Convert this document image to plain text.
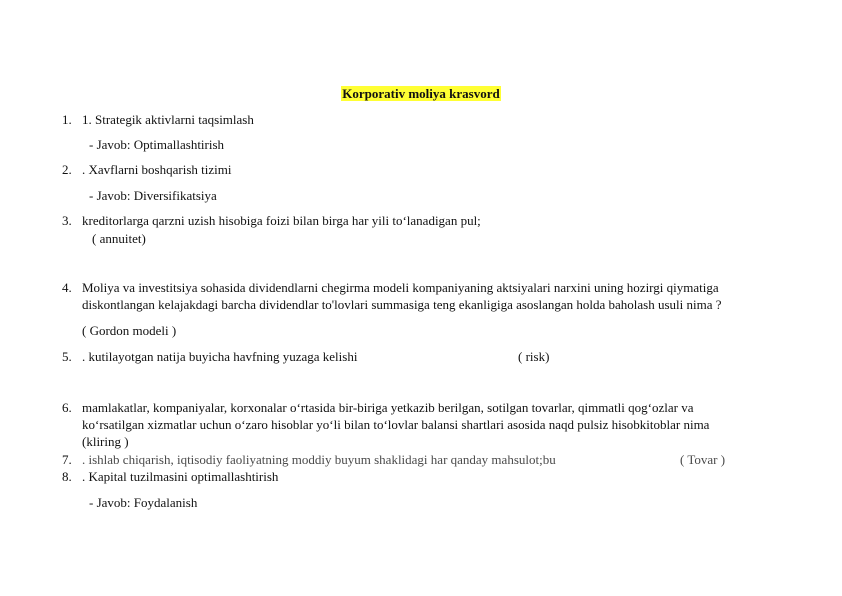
Korporativ moliya krasvord
1. 1. Strategik aktivlarni taqsimlash
- Javob: Optimallashtirish
2. . Xavflarni boshqarish tizimi
- Javob: Diversifikatsiya
3. kreditorlarga qarzni uzish hisobiga foizi bilan birga har yili to‘lanadigan pul;
( annuitet)
4. Moliya va investitsiya sohasida dividendlarni chegirma modeli kompaniyaning aktsiyalari narxini uning hozirgi qiymatiga
diskontlangan kelajakdagi barcha dividendlar to'lovlari summasiga teng ekanligiga asoslangan holda baholash usuli nima ?
( Gordon modeli )
5. . kutilayotgan natija buyicha havfning yuzaga kelishi	( risk)
6. mamlakatlar, kompaniyalar, korxonalar o‘rtasida bir-biriga yetkazib berilgan, sotilgan tovarlar, qimmatli qog‘ozlar va
ko‘rsatilgan xizmatlar uchun o‘zaro hisoblar yo‘li bilan to‘lovlar balansi shartlari asosida naqd pulsiz hisobkitoblar nima
(kliring )
7. . ishlab chiqarish, iqtisodiy faoliyatning moddiy buyum shaklidagi har qanday mahsulot;bu	( Tovar )
8. . Kapital tuzilmasini optimallashtirish
- Javob: Foydalanish
